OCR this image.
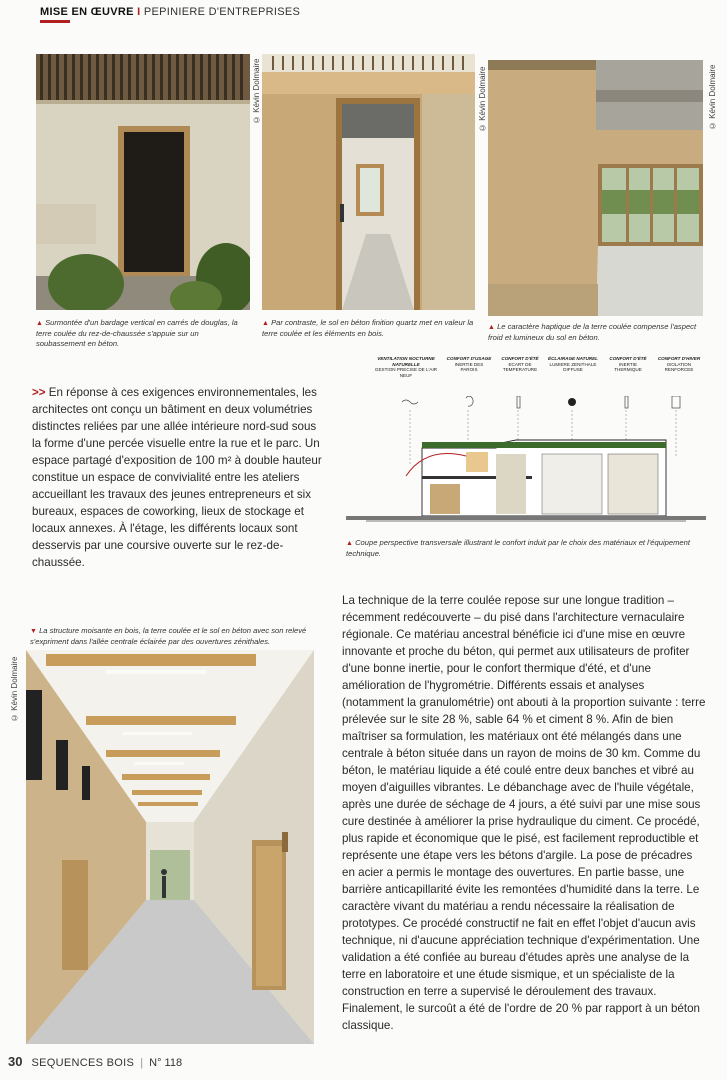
MISE EN ŒUVRE I PEPINIERE D'ENTREPRISES
▲ Surmontée d'un bardage vertical en carrés de douglas, la terre coulée du rez-de-chaussée s'appuie sur un soubassement en béton.
© Kévin Dolmaire
▲ Par contraste, le sol en béton finition quartz met en valeur la terre coulée et les éléments en bois.
© Kévin Dolmaire	© Kévin Dolmaire
▲ Le caractère haptique de la terre coulée compense l'aspect froid et lumineux du sol en béton.
VENTILATION NOCTURNE NATURELLE
GESTION PRECISE DE L'AIR NEUF
CONFORT D'USAGE
INERTIE DES PAROIS
CONFORT D'ÉTÉ
ECART DE TEMPERATURE
ÉCLAIRAGE NATUREL
LUMIERE ZENITHALE DIFFUSE
CONFORT D'ÉTÉ
INERTIE THERMIQUE
CONFORT D'HIVER
ISOLATION RENFORCEE
▲ Coupe perspective transversale illustrant le confort induit par le choix des matériaux et l'équipement technique.
>> En réponse à ces exigences environnementales, les architectes ont conçu un bâtiment en deux volumétries distinctes reliées par une allée intérieure nord-sud sous la forme d'une percée visuelle entre la rue et le parc. Un espace partagé d'exposition de 100 m² à double hauteur constitue un espace de convivialité entre les ateliers accueillant les travaux des jeunes entrepreneurs et six bureaux, espaces de coworking, lieux de stockage et locaux annexes. À l'étage, les différents locaux sont desservis par une coursive ouverte sur le rez-de-chaussée.
▼ La structure moisante en bois, la terre coulée et le sol en béton avec son relevé s'expriment dans l'allée centrale éclairée par des ouvertures zénithales.
© Kévin Dolmaire
La technique de la terre coulée repose sur une longue tradition – récemment redécouverte – du pisé dans l'architecture vernaculaire régionale. Ce matériau ancestral bénéficie ici d'une mise en œuvre innovante et proche du béton, qui permet aux utilisateurs de profiter d'une bonne inertie, pour le confort thermique d'été, et d'une amélioration de l'hygrométrie. Différents essais et analyses (notamment la granulométrie) ont abouti à la proportion suivante : terre prélevée sur le site 28 %, sable 64 % et ciment 8 %. Afin de bien maîtriser sa formulation, les matériaux ont été mélangés dans une centrale à béton située dans un rayon de moins de 30 km. Comme du béton, le matériau liquide a été coulé entre deux banches et vibré au moyen d'aiguilles vibrantes. Le débanchage avec de l'huile végétale, après une durée de séchage de 4 jours, a été suivi par une mise sous cure destinée à améliorer la prise hydraulique du ciment. Ce procédé, plus rapide et économique que le pisé, est facilement reproductible et représente une étape vers les bétons d'argile. La pose de précadres en acier a permis le montage des ouvertures. En partie basse, une barrière anticapillarité évite les remontées d'humidité dans la terre. Le caractère vivant du matériau a rendu nécessaire la réalisation de prototypes. Ce procédé constructif ne fait en effet l'objet d'aucun avis technique, ni d'aucune appréciation technique d'expérimentation. Une validation a été confiée au bureau d'études après une analyse de la terre en laboratoire et une étude sismique, et un spécialiste de la construction en terre a supervisé le déroulement des travaux. Finalement, le surcoût a été de l'ordre de 20 % par rapport à un béton classique.
30 SEQUENCES BOIS | N° 118
